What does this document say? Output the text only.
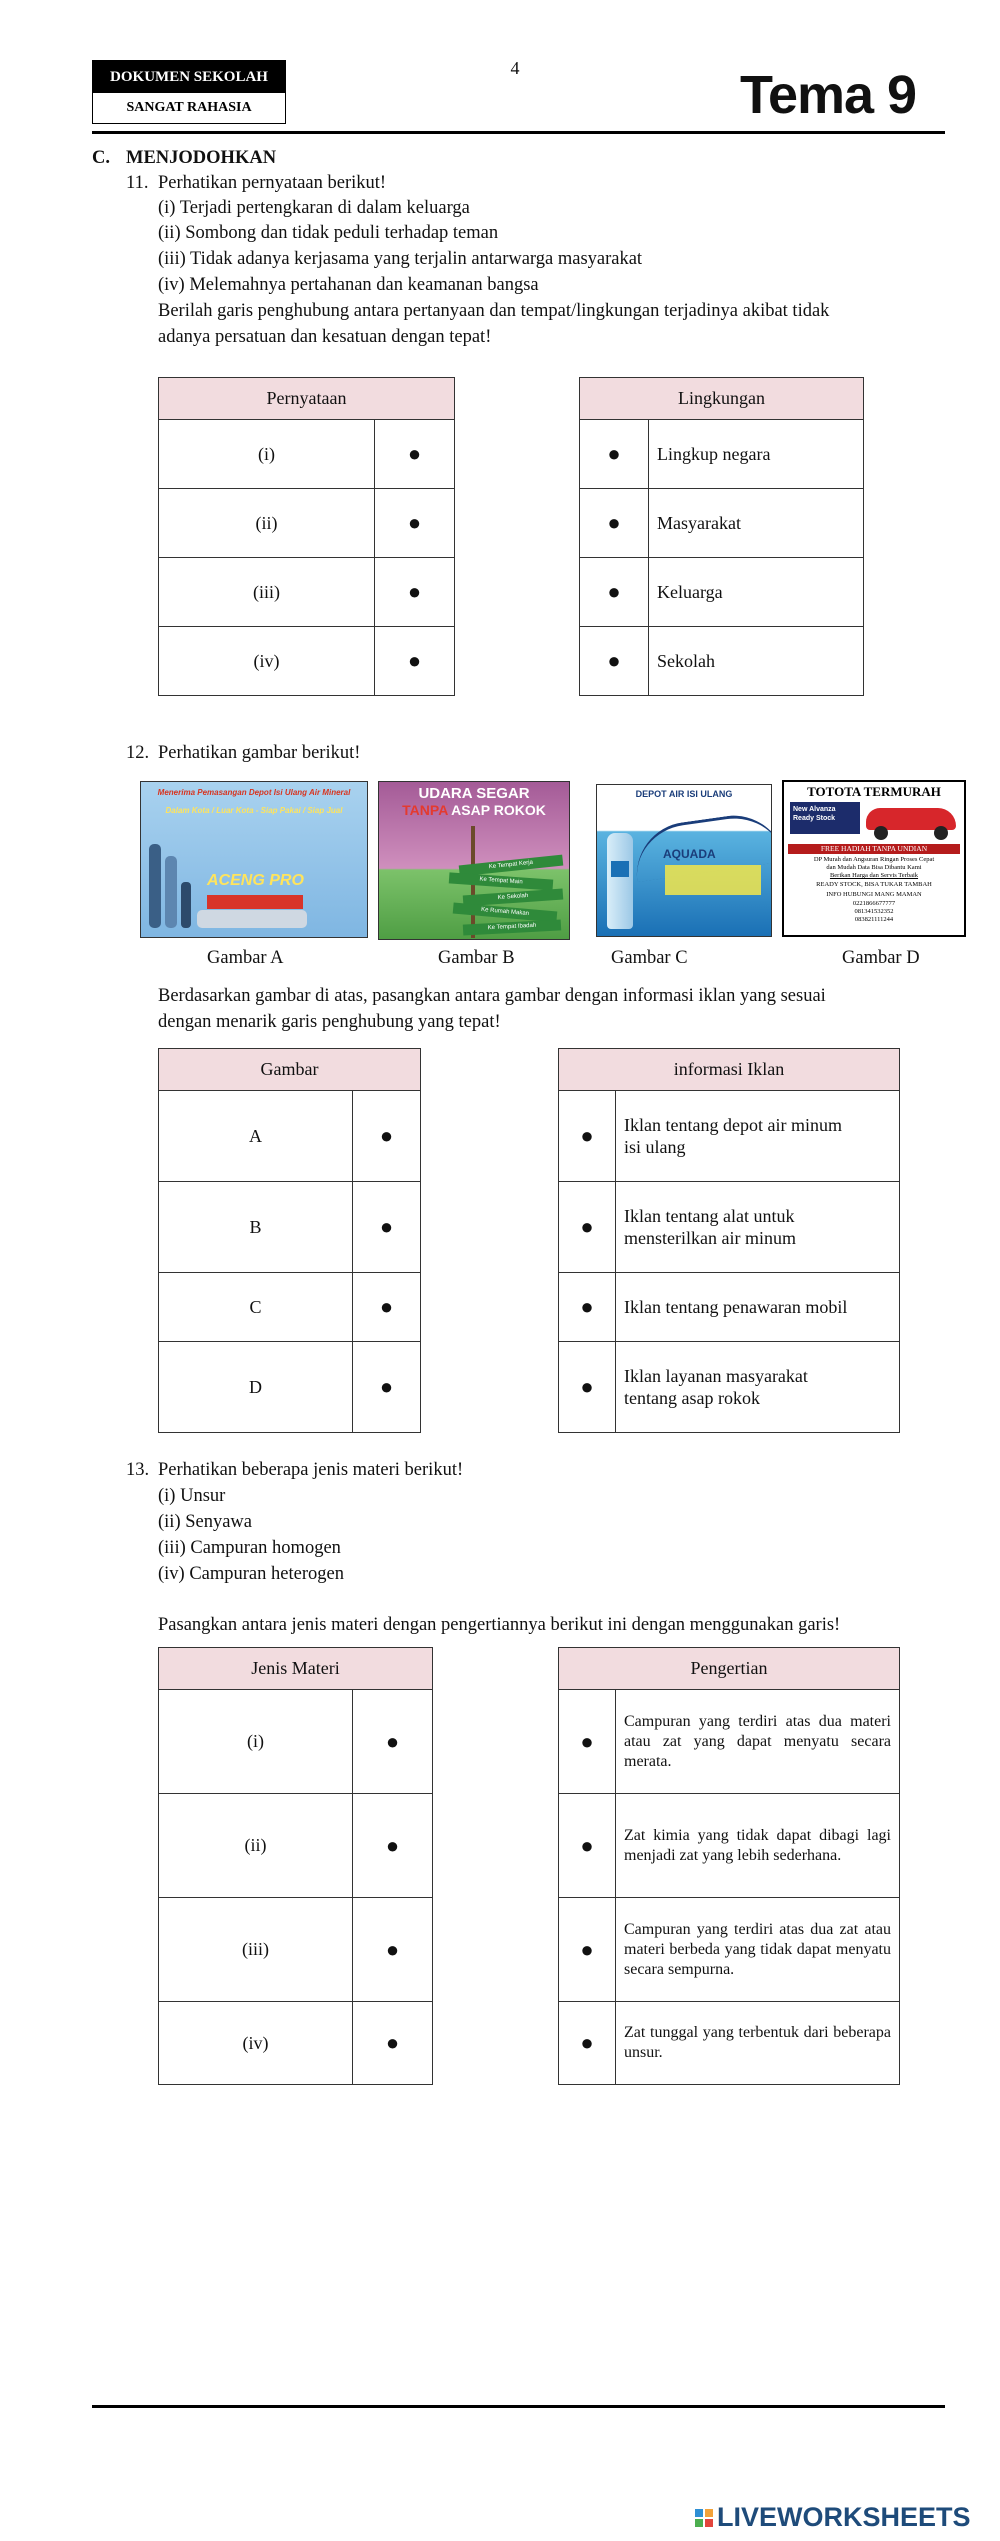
DOKUMEN SEKOLAH
SANGAT RAHASIA
4	Tema 9
C. MENJODOHKAN
11. Perhatikan pernyataan berikut!
(i) Terjadi pertengkaran di dalam keluarga
(ii) Sombong dan tidak peduli terhadap teman
(iii) Tidak adanya kerjasama yang terjalin antarwarga masyarakat
(iv) Melemahnya pertahanan dan keamanan bangsa
Berilah garis penghubung antara pertanyaan dan tempat/lingkungan terjadinya akibat tidak
adanya persatuan dan kesatuan dengan tepat!
Pernyataan	
(i)	●
(ii)	●
(iii)	●
(iv)	●
Lingkungan	
●	Lingkup negara
●	Masyarakat
●	Keluarga
●	Sekolah
12. Perhatikan gambar berikut!
Menerima Pemasangan Depot Isi Ulang Air Mineral
Dalam Kota / Luar Kota - Siap Pakai / Siap Jual
ACENG PRO
Gambar A
UDARA SEGAR
TANPA ASAP ROKOK
Ke Tempat Kerja
Ke Tempat Main
Ke Sekolah
Ke Rumah Makan
Ke Tempat Ibadah
Gambar B
DEPOT AIR ISI ULANG
AQUADA
Gambar C
TOTOTA TERMURAH
New Alvanza
Ready Stock
FREE HADIAH TANPA UNDIAN
DP Murah dan Angsuran Ringan Proses Cepat
dan Mudah Data Bisa Dibantu Kami
Berikan Harga dan Servis Terbaik
READY STOCK, BISA TUKAR TAMBAH
INFO HUBUNGI MANG MAMAN
0221866677777
081341532352
083821111244
Gambar D
Berdasarkan gambar di atas, pasangkan antara gambar dengan informasi iklan yang sesuai
dengan menarik garis penghubung yang tepat!
Gambar	
A	●
B	●
C	●
D	●
informasi Iklan	
●	Iklan tentang depot air minum
isi ulang

●	Iklan tentang alat untuk
mensterilkan air minum

●	Iklan tentang penawaran mobil

●	Iklan layanan masyarakat
tentang asap rokok
13. Perhatikan beberapa jenis materi berikut!
(i) Unsur
(ii) Senyawa
(iii) Campuran homogen
(iv) Campuran heterogen
Pasangkan antara jenis materi dengan pengertiannya berikut ini dengan menggunakan garis!
Jenis Materi	
(i)	●
(ii)	●
(iii)	●
(iv)	●
Pengertian	
●	Campuran yang terdiri atas dua materi atau zat yang dapat menyatu secara merata.
●	Zat kimia yang tidak dapat dibagi lagi menjadi zat yang lebih sederhana.
●	Campuran yang terdiri atas dua zat atau materi berbeda yang tidak dapat menyatu secara sempurna.
●	Zat tunggal yang terbentuk dari beberapa unsur.
LIVEWORKSHEETS
